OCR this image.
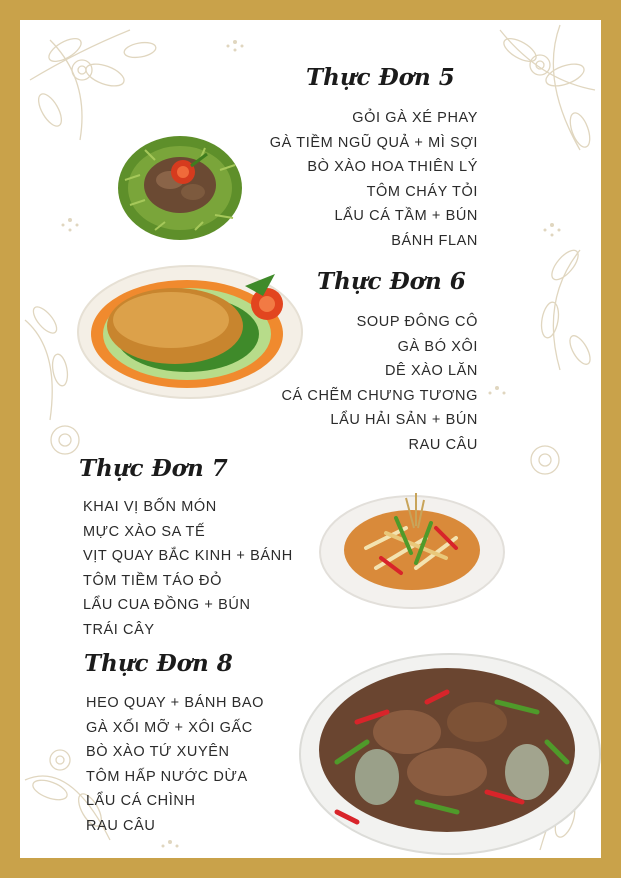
Thực Đơn 5
GỎI GÀ XÉ PHAY
GÀ TIỀM NGŨ QUẢ + MÌ SỢI
BÒ XÀO HOA THIÊN LÝ
TÔM CHÁY TỎI
LẨU CÁ TẦM + BÚN
BÁNH FLAN
Thực Đơn 6
SOUP ĐÔNG CÔ
GÀ BÓ XÔI
DÊ XÀO LĂN
CÁ CHẼM CHƯNG TƯƠNG
LẨU HẢI SẢN + BÚN
RAU CÂU
Thực Đơn 7
KHAI VỊ BỐN MÓN
MỰC XÀO SA TẾ
VỊT QUAY BẮC KINH + BÁNH
TÔM TIỀM TÁO ĐỎ
LẨU CUA ĐỒNG + BÚN
TRÁI CÂY
Thực Đơn 8
HEO QUAY + BÁNH BAO
GÀ XỐI MỠ + XÔI GẤC
BÒ XÀO TỨ XUYÊN
TÔM HẤP NƯỚC DỪA
LẨU CÁ CHÌNH
RAU CÂU
